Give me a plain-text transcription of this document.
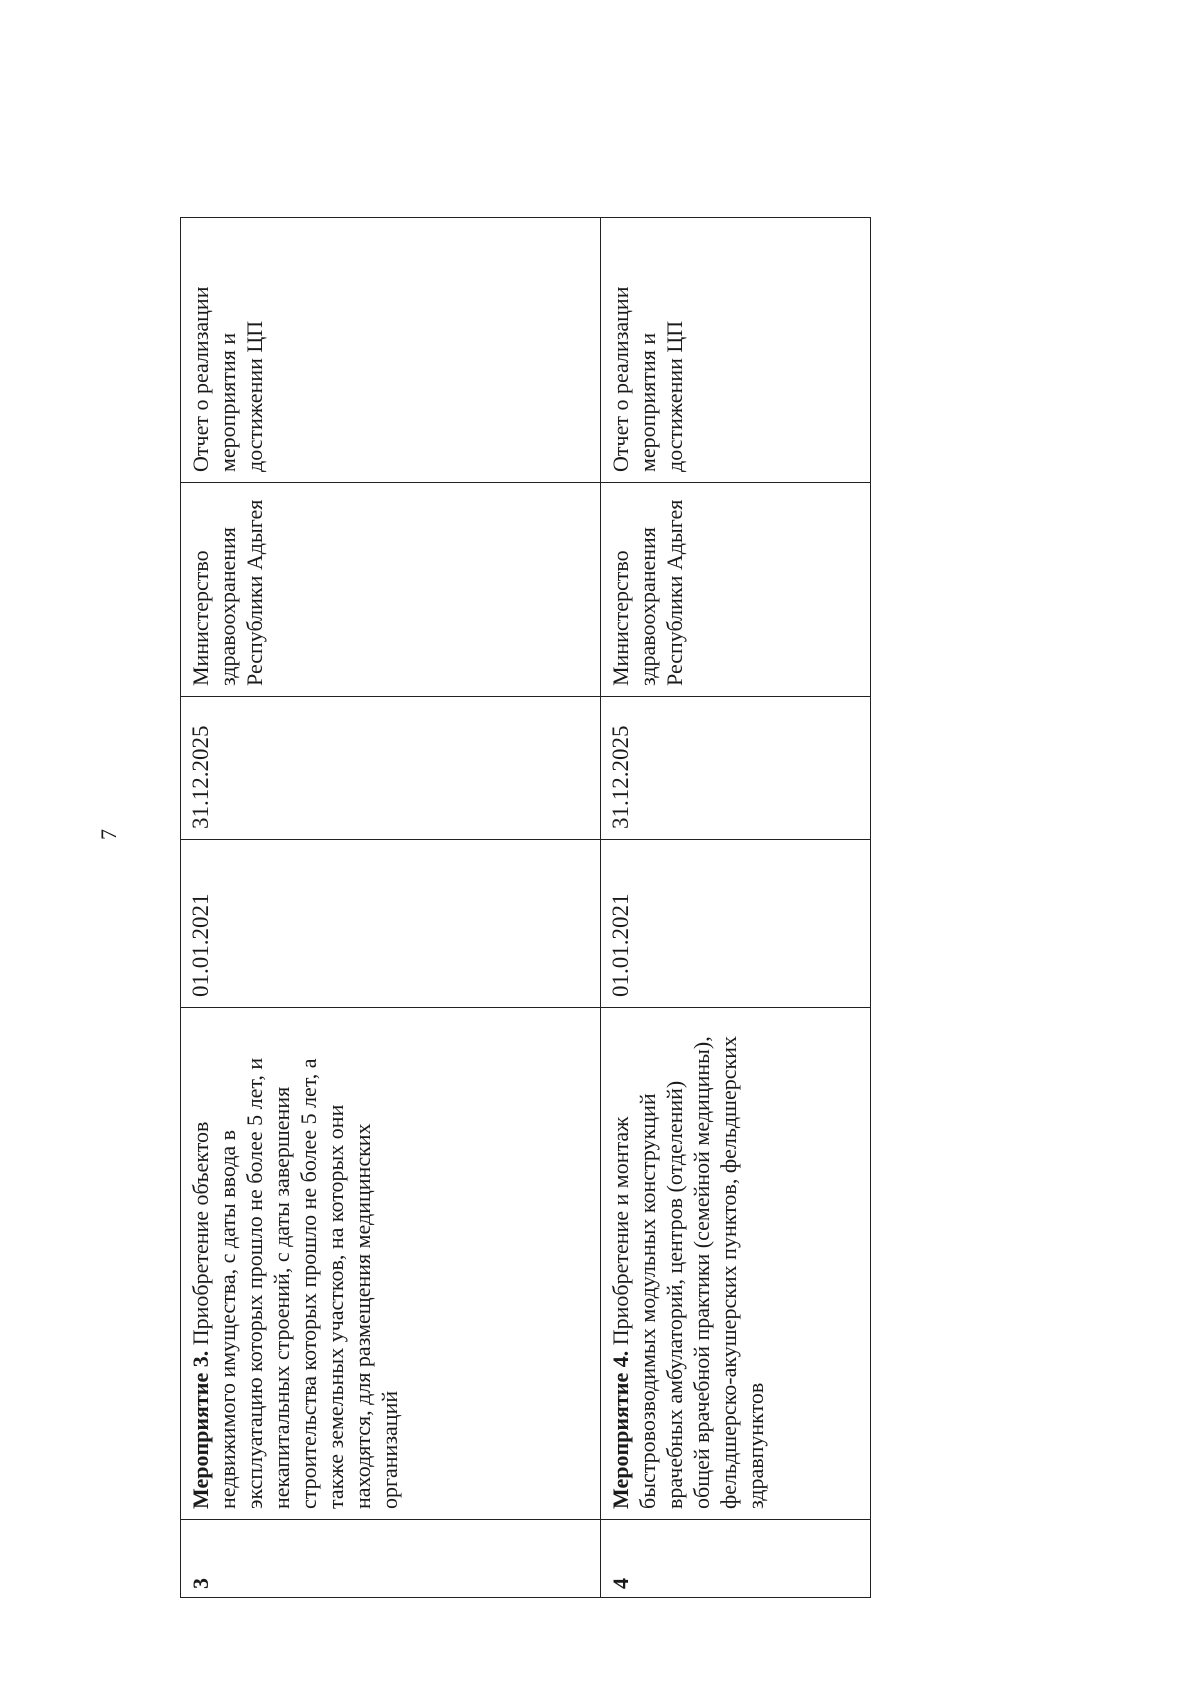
7
3	Мероприятие 3. Приобретение объектов недвижимого имущества, с даты ввода в эксплуатацию которых прошло не более 5 лет, и некапитальных строений, с даты завершения строительства которых прошло не более 5 лет, а также земельных участков, на которых они находятся, для размещения медицинских организаций	01.01.2021	31.12.2025	Министерство здравоохранения Республики Адыгея	Отчет о реализации мероприятия и достижении ЦП
4	Мероприятие 4. Приобретение и монтаж быстровозводимых модульных конструкций врачебных амбулаторий, центров (отделений) общей врачебной практики (семейной медицины), фельдшерско-акушерских пунктов, фельдшерских здравпунктов	01.01.2021	31.12.2025	Министерство здравоохранения Республики Адыгея	Отчет о реализации мероприятия и достижении ЦП
